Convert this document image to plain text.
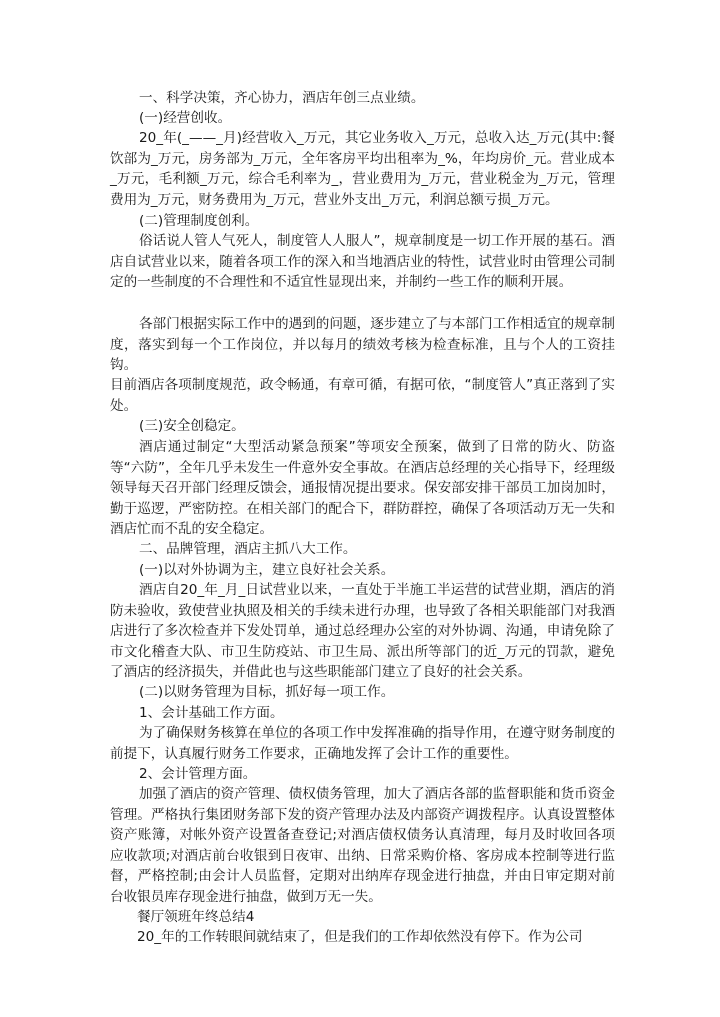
一、科学决策，齐心协力，酒店年创三点业绩。

(一)经营创收。

20_年(_——_月)经营收入_万元，其它业务收入_万元，总收入达_万元(其中:餐饮部为_万元，房务部为_万元，全年客房平均出租率为_%，年均房价_元。营业成本_万元，毛利额_万元，综合毛利率为_，营业费用为_万元，营业税金为_万元，管理费用为_万元，财务费用为_万元，营业外支出_万元，利润总额亏损_万元。

(二)管理制度创利。

俗话说人管人气死人，制度管人人服人”，规章制度是一切工作开展的基石。酒店自试营业以来，随着各项工作的深入和当地酒店业的特性，试营业时由管理公司制定的一些制度的不合理性和不适宜性显现出来，并制约一些工作的顺利开展。

各部门根据实际工作中的遇到的问题，逐步建立了与本部门工作相适宜的规章制度，落实到每一个工作岗位，并以每月的绩效考核为检查标准，且与个人的工资挂钩。

目前酒店各项制度规范，政令畅通，有章可循，有据可依，“制度管人”真正落到了实处。

(三)安全创稳定。

酒店通过制定“大型活动紧急预案”等项安全预案，做到了日常的防火、防盗等“六防”，全年几乎未发生一件意外安全事故。在酒店总经理的关心指导下，经理级领导每天召开部门经理反馈会，通报情况提出要求。保安部安排干部员工加岗加时，勤于巡逻，严密防控。在相关部门的配合下，群防群控，确保了各项活动万无一失和酒店忙而不乱的安全稳定。

二、品牌管理，酒店主抓八大工作。

(一)以对外协调为主，建立良好社会关系。

酒店自20_年_月_日试营业以来，一直处于半施工半运营的试营业期，酒店的消防未验收，致使营业执照及相关的手续未进行办理，也导致了各相关职能部门对我酒店进行了多次检查并下发处罚单，通过总经理办公室的对外协调、沟通，申请免除了市文化稽查大队、市卫生防疫站、市卫生局、派出所等部门的近_万元的罚款，避免了酒店的经济损失，并借此也与这些职能部门建立了良好的社会关系。

(二)以财务管理为目标，抓好每一项工作。

1、会计基础工作方面。

为了确保财务核算在单位的各项工作中发挥准确的指导作用，在遵守财务制度的前提下，认真履行财务工作要求，正确地发挥了会计工作的重要性。

2、会计管理方面。

加强了酒店的资产管理、债权债务管理，加大了酒店各部的监督职能和货币资金管理。严格执行集团财务部下发的资产管理办法及内部资产调拨程序。认真设置整体资产账簿，对帐外资产设置备查登记;对酒店债权债务认真清理，每月及时收回各项应收款项;对酒店前台收银到日夜审、出纳、日常采购价格、客房成本控制等进行监督，严格控制;由会计人员监督，定期对出纳库存现金进行抽盘，并由日审定期对前台收银员库存现金进行抽盘，做到万无一失。

餐厅领班年终总结4

20_年的工作转眼间就结束了，但是我们的工作却依然没有停下。作为公司
